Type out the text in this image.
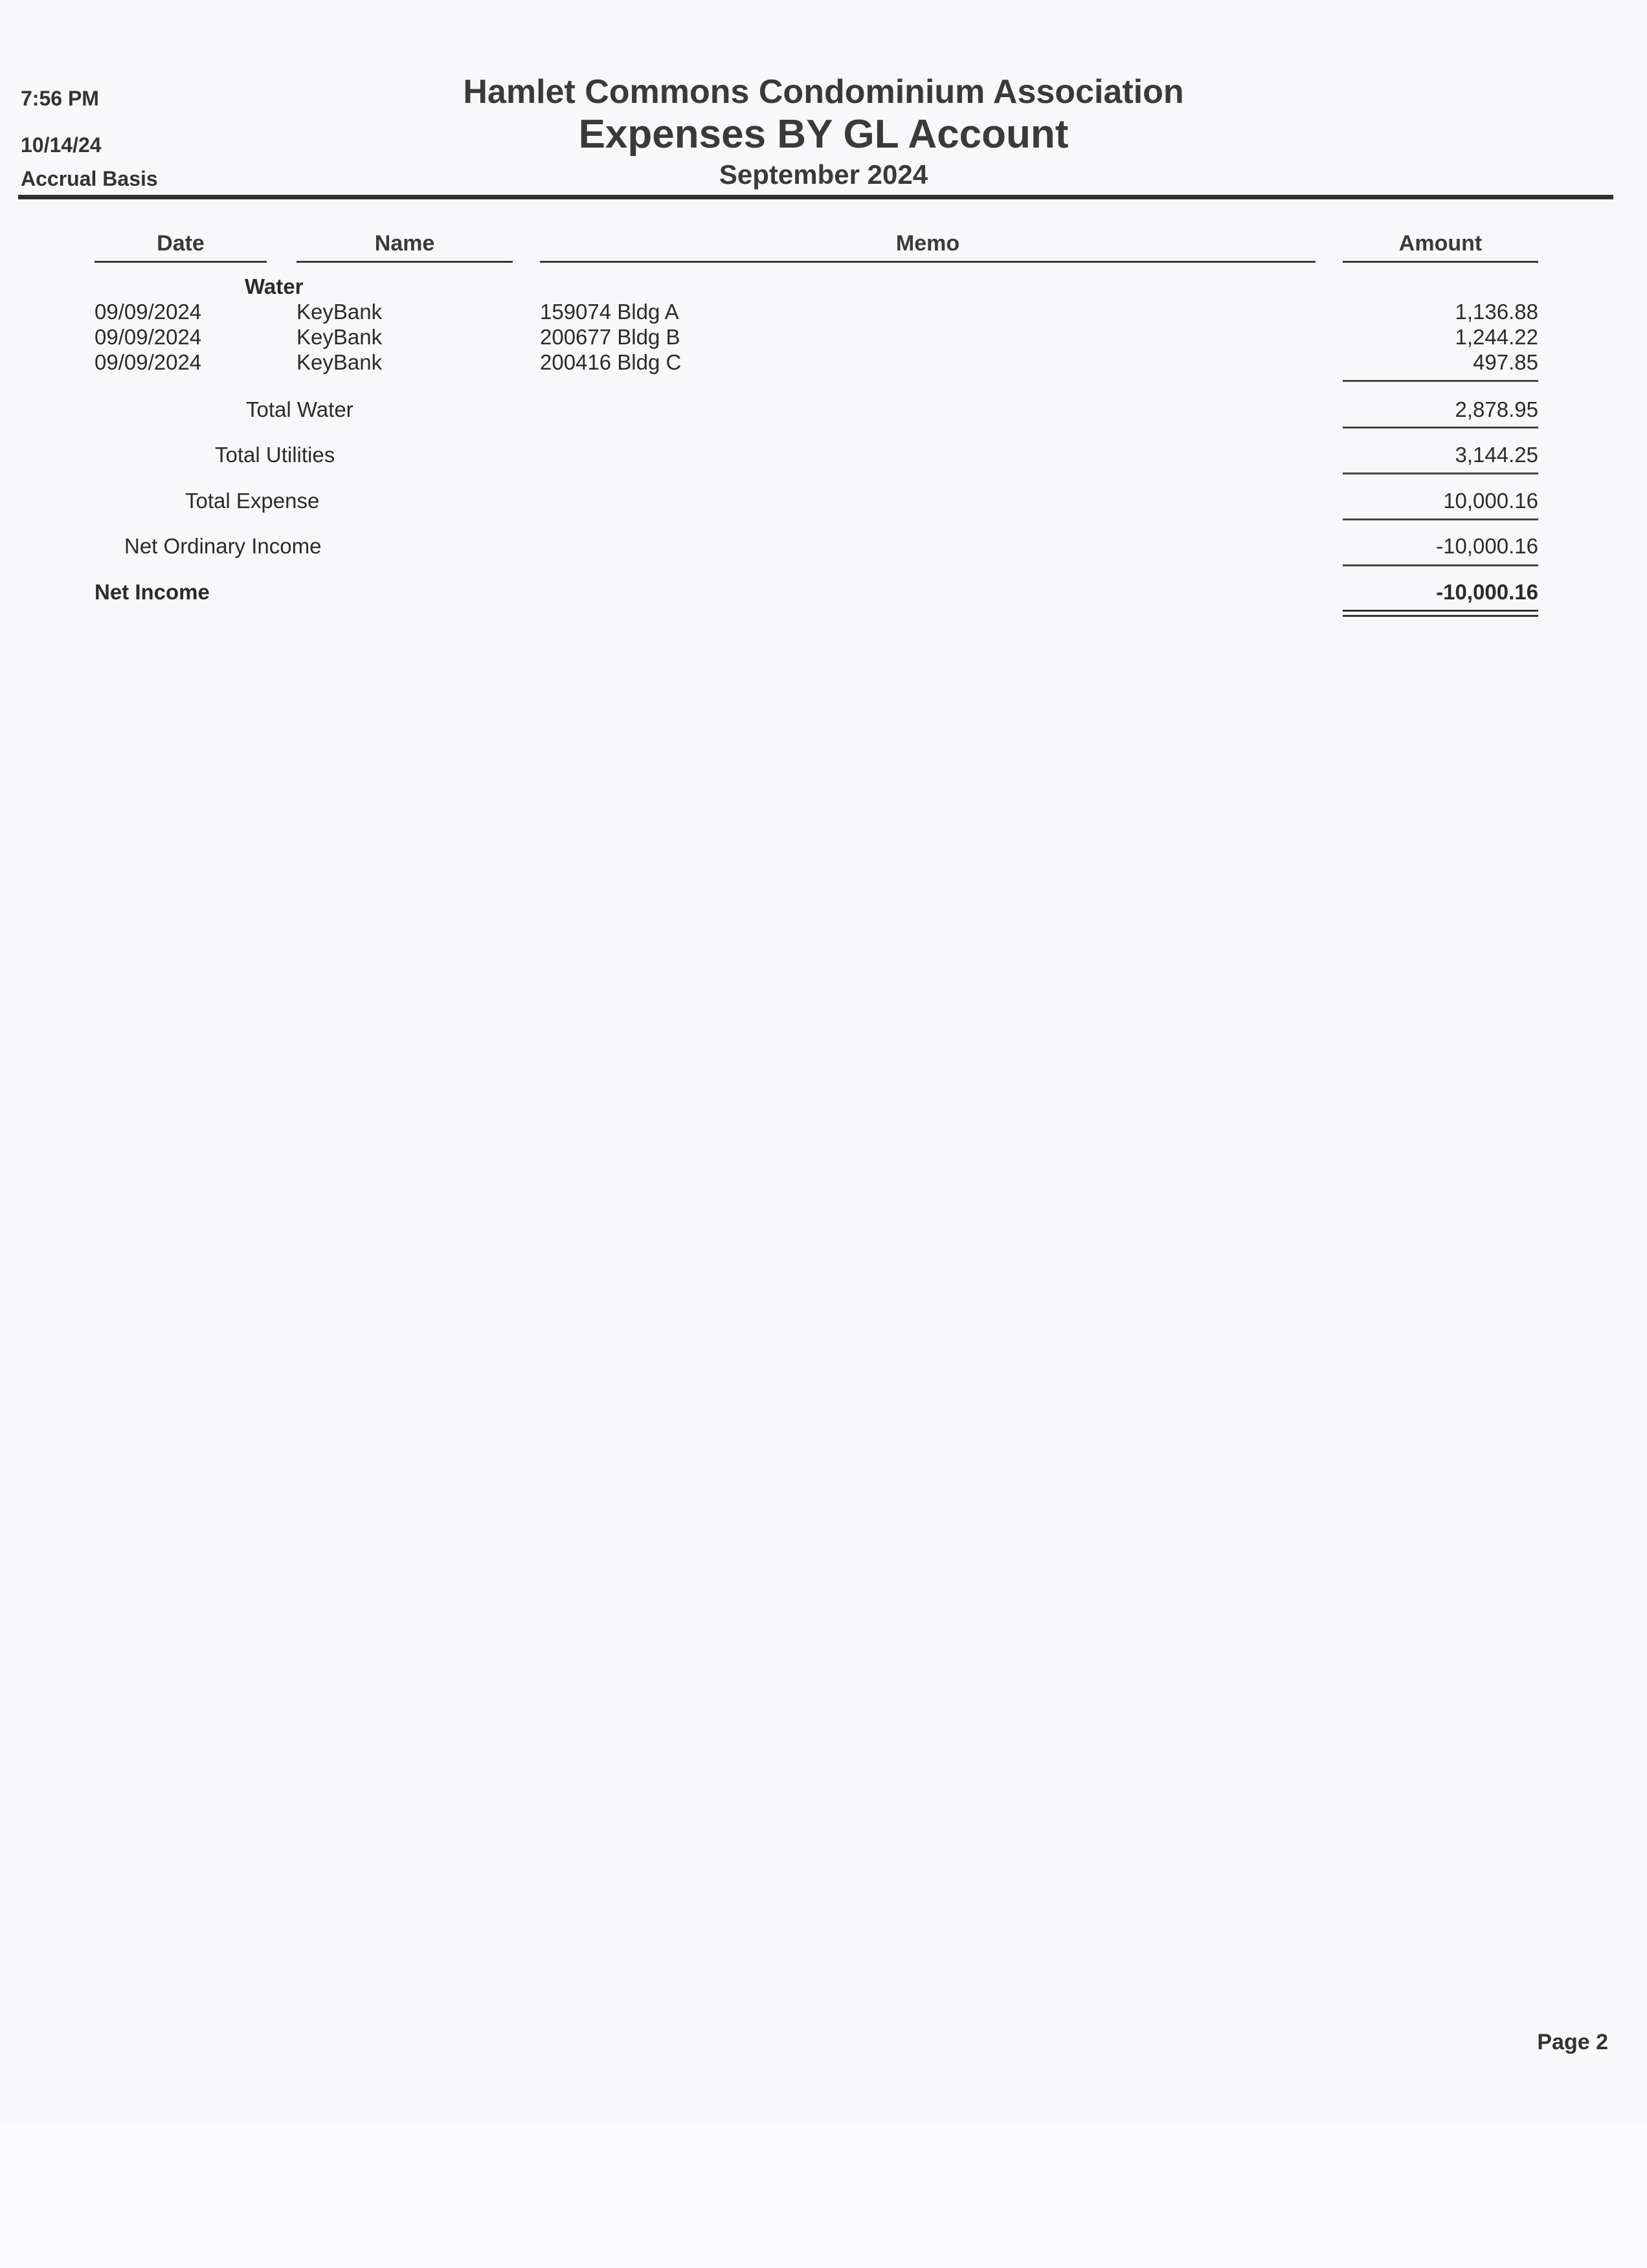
7:56 PM
10/14/24
Accrual Basis
Hamlet Commons Condominium Association
Expenses BY GL Account
September 2024
Date	Name	Memo	Amount
Water
09/09/2024	KeyBank	159074 Bldg A	1,136.88
09/09/2024	KeyBank	200677 Bldg B	1,244.22
09/09/2024	KeyBank	200416 Bldg C	497.85
Total Water	2,878.95
Total Utilities	3,144.25
Total Expense	10,000.16
Net Ordinary Income	-10,000.16
Net Income	-10,000.16
Page 2
